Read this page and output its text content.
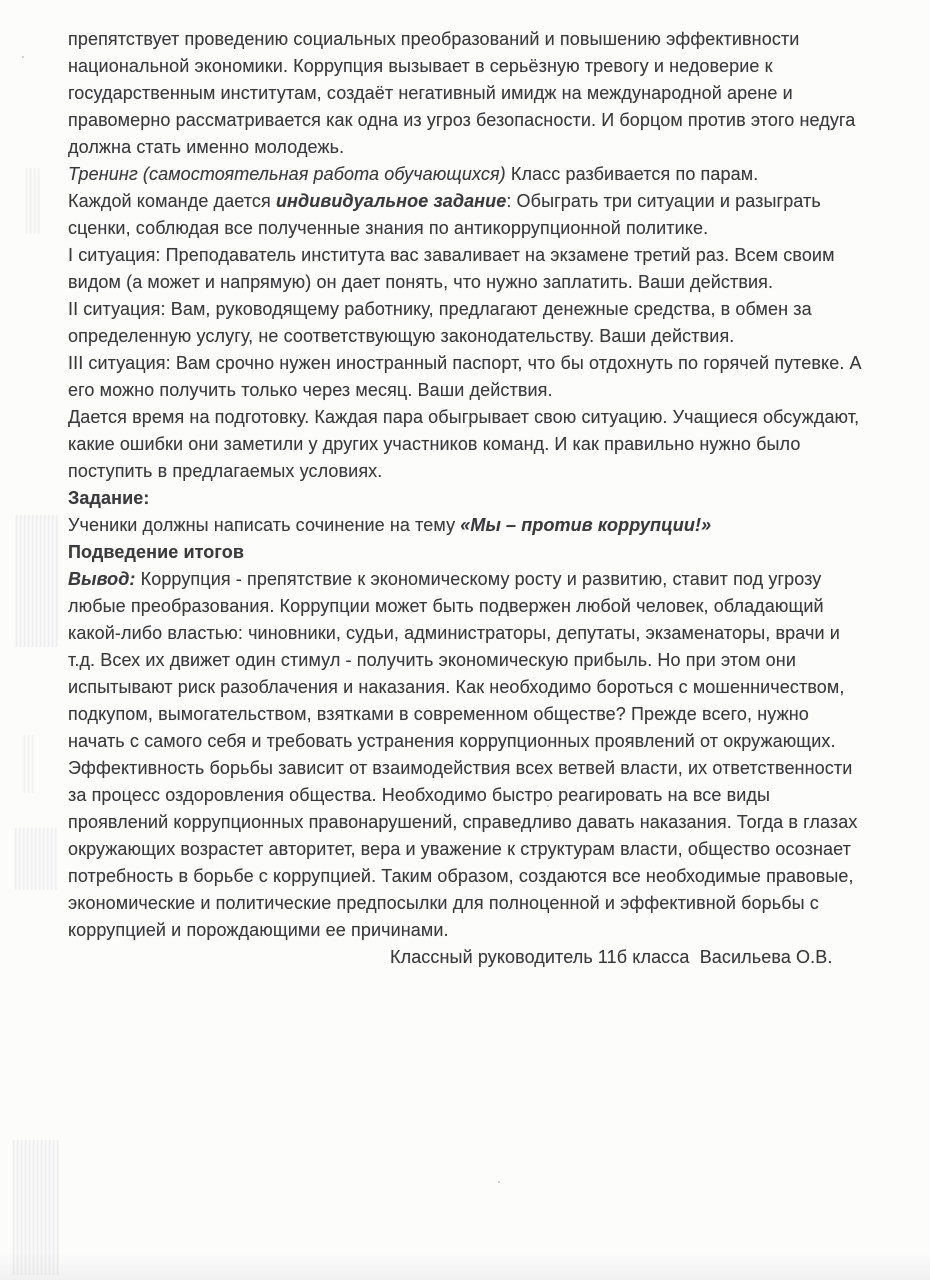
препятствует проведению социальных преобразований и повышению эффективности национальной экономики. Коррупция вызывает в серьёзную тревогу и недоверие к государственным институтам, создаёт негативный имидж на международной арене и правомерно рассматривается как одна из угроз безопасности. И борцом против этого недуга должна стать именно молодежь.

Тренинг (самостоятельная работа обучающихся) Класс разбивается по парам.

Каждой команде дается индивидуальное задание: Обыграть три ситуации и разыграть сценки, соблюдая все полученные знания по антикоррупционной политике.

I ситуация: Преподаватель института вас заваливает на экзамене третий раз. Всем своим видом (а может и напрямую) он дает понять, что нужно заплатить. Ваши действия.

II ситуация: Вам, руководящему работнику, предлагают денежные средства, в обмен за определенную услугу, не соответствующую законодательству. Ваши действия.

III ситуация: Вам срочно нужен иностранный паспорт, что бы отдохнуть по горячей путевке. А его можно получить только через месяц. Ваши действия.

Дается время на подготовку. Каждая пара обыгрывает свою ситуацию. Учащиеся обсуждают, какие ошибки они заметили у других участников команд. И как правильно нужно было поступить в предлагаемых условиях.

Задание:

Ученики должны написать сочинение на тему «Мы – против коррупции!»

Подведение итогов

Вывод: Коррупция - препятствие к экономическому росту и развитию, ставит под угрозу любые преобразования. Коррупции может быть подвержен любой человек, обладающий какой-либо властью: чиновники, судьи, администраторы, депутаты, экзаменаторы, врачи и т.д. Всех их движет один стимул - получить экономическую прибыль. Но при этом они испытывают риск разоблачения и наказания. Как необходимо бороться с мошенничеством, подкупом, вымогательством, взятками в современном обществе? Прежде всего, нужно начать с самого себя и требовать устранения коррупционных проявлений от окружающих. Эффективность борьбы зависит от взаимодействия всех ветвей власти, их ответственности за процесс оздоровления общества. Необходимо быстро реагировать на все виды проявлений коррупционных правонарушений, справедливо давать наказания. Тогда в глазах окружающих возрастет авторитет, вера и уважение к структурам власти, общество осознает потребность в борьбе с коррупцией. Таким образом, создаются все необходимые правовые, экономические и политические предпосылки для полноценной и эффективной борьбы с коррупцией и порождающими ее причинами.

Классный руководитель 11б класса  Васильева О.В.
